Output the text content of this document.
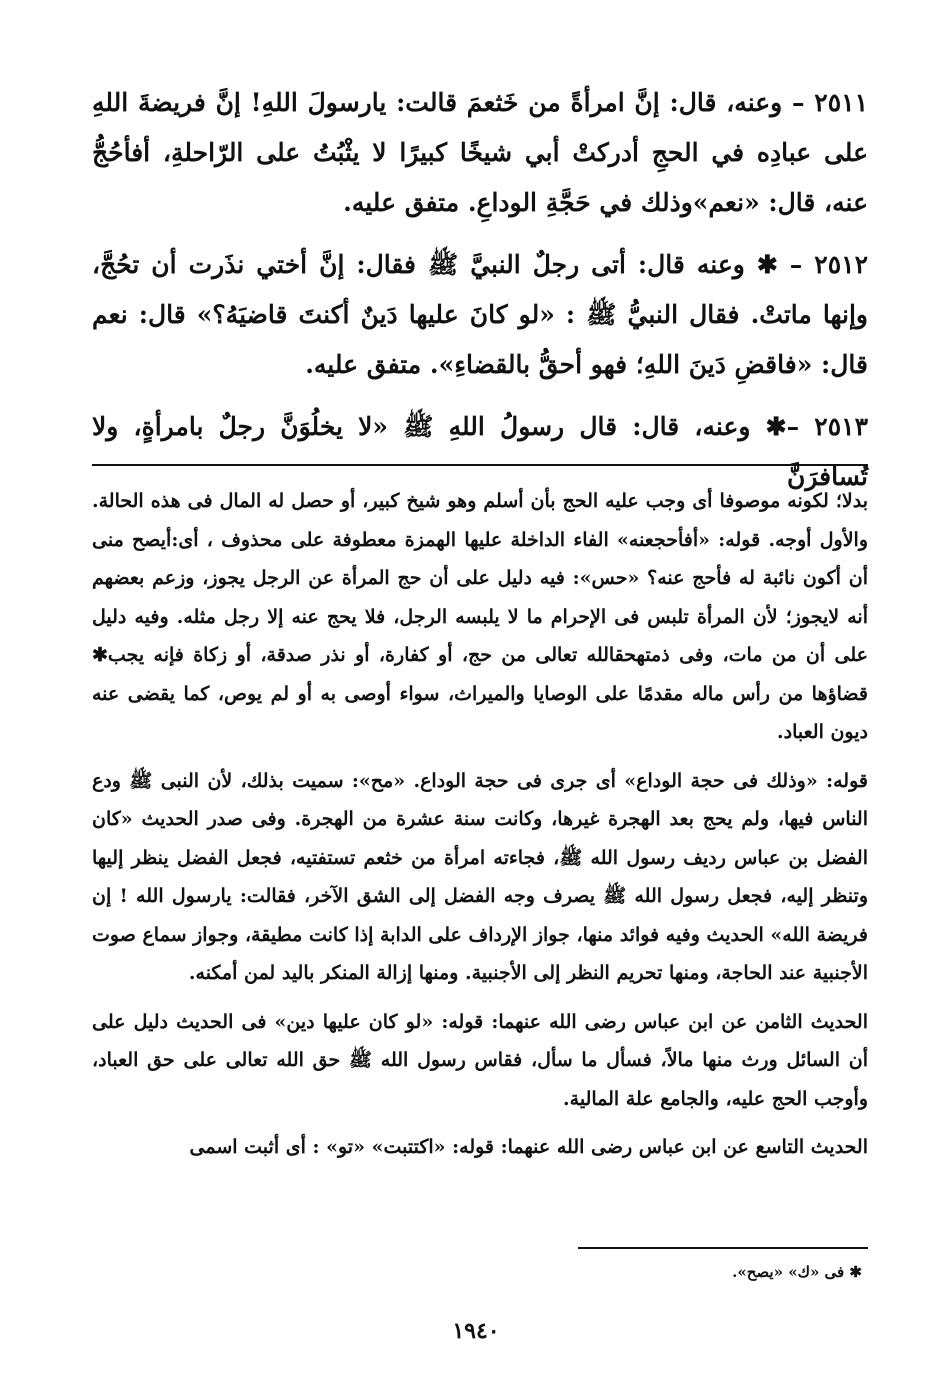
٢٥١١ – وعنه، قال: إنَّ امرأةً من خَثعمَ قالت: يارسولَ اللهِ! إنَّ فريضةَ اللهِ على عبادِه في الحجِ أدركتْ أبي شيخًا كبيرًا لا يثْبُتُ على الرّاحلةِ، أفأحُجُّ عنه، قال: «نعم»وذلك في حَجَّةِ الوداعِ. متفق عليه.

٢٥١٢ – ✱ وعنه قال: أتى رجلٌ النبيَّ ﷺ فقال: إنَّ أختي نذَرت أن تحُجَّ، وإنها ماتتْ. فقال النبيُّ ﷺ : «لو كانَ عليها دَينٌ أكنتَ قاضيَهُ؟» قال: نعم قال: «فاقضِ دَينَ اللهِ؛ فهو أحقُّ بالقضاءِ». متفق عليه.

٢٥١٣ –✱ وعنه، قال: قال رسولُ اللهِ ﷺ «لا يخلُوَنَّ رجلٌ بامرأةٍ، ولا تُسافرَنَّ

بدلا؛ لكونه موصوفا أى وجب عليه الحج بأن أسلم وهو شيخ كبير، أو حصل له المال فى هذه الحالة. والأول أوجه. قوله: «أفأحجعنه» الفاء الداخلة عليها الهمزة معطوفة على محذوف ، أى:أيصح منى أن أكون نائبة له فأحج عنه؟ «حس»: فيه دليل على أن حج المرأة عن الرجل يجوز، وزعم بعضهم أنه لايجوز؛ لأن المرأة تلبس فى الإحرام ما لا يلبسه الرجل، فلا يحج عنه إلا رجل مثله. وفيه دليل على أن من مات، وفى ذمتهحقالله تعالى من حج، أو كفارة، أو نذر صدقة، أو زكاة فإنه يجب✱ قضاؤها من رأس ماله مقدمًا على الوصايا والميراث، سواء أوصى به أو لم يوص، كما يقضى عنه ديون العباد.

قوله: «وذلك فى حجة الوداع» أى جرى فى حجة الوداع. «مح»: سميت بذلك، لأن النبى ﷺ ودع الناس فيها، ولم يحج بعد الهجرة غيرها، وكانت سنة عشرة من الهجرة. وفى صدر الحديث «كان الفضل بن عباس رديف رسول الله ﷺ، فجاءته امرأة من خثعم تستفتيه، فجعل الفضل ينظر إليها وتنظر إليه، فجعل رسول الله ﷺ يصرف وجه الفضل إلى الشق الآخر، فقالت: يارسول الله ! إن فريضة الله» الحديث وفيه فوائد منها، جواز الإرداف على الدابة إذا كانت مطيقة، وجواز سماع صوت الأجنبية عند الحاجة، ومنها تحريم النظر إلى الأجنبية. ومنها إزالة المنكر باليد لمن أمكنه.

الحديث الثامن عن ابن عباس رضى الله عنهما: قوله: «لو كان عليها دين» فى الحديث دليل على أن السائل ورث منها مالاً، فسأل ما سأل، فقاس رسول الله ﷺ حق الله تعالى على حق العباد، وأوجب الحج عليه، والجامع علة المالية.

الحديث التاسع عن ابن عباس رضى الله عنهما: قوله: «اكتتبت» «تو» : أى أثبت اسمى

✱ فى «ك» «يصح».
١٩٤٠
